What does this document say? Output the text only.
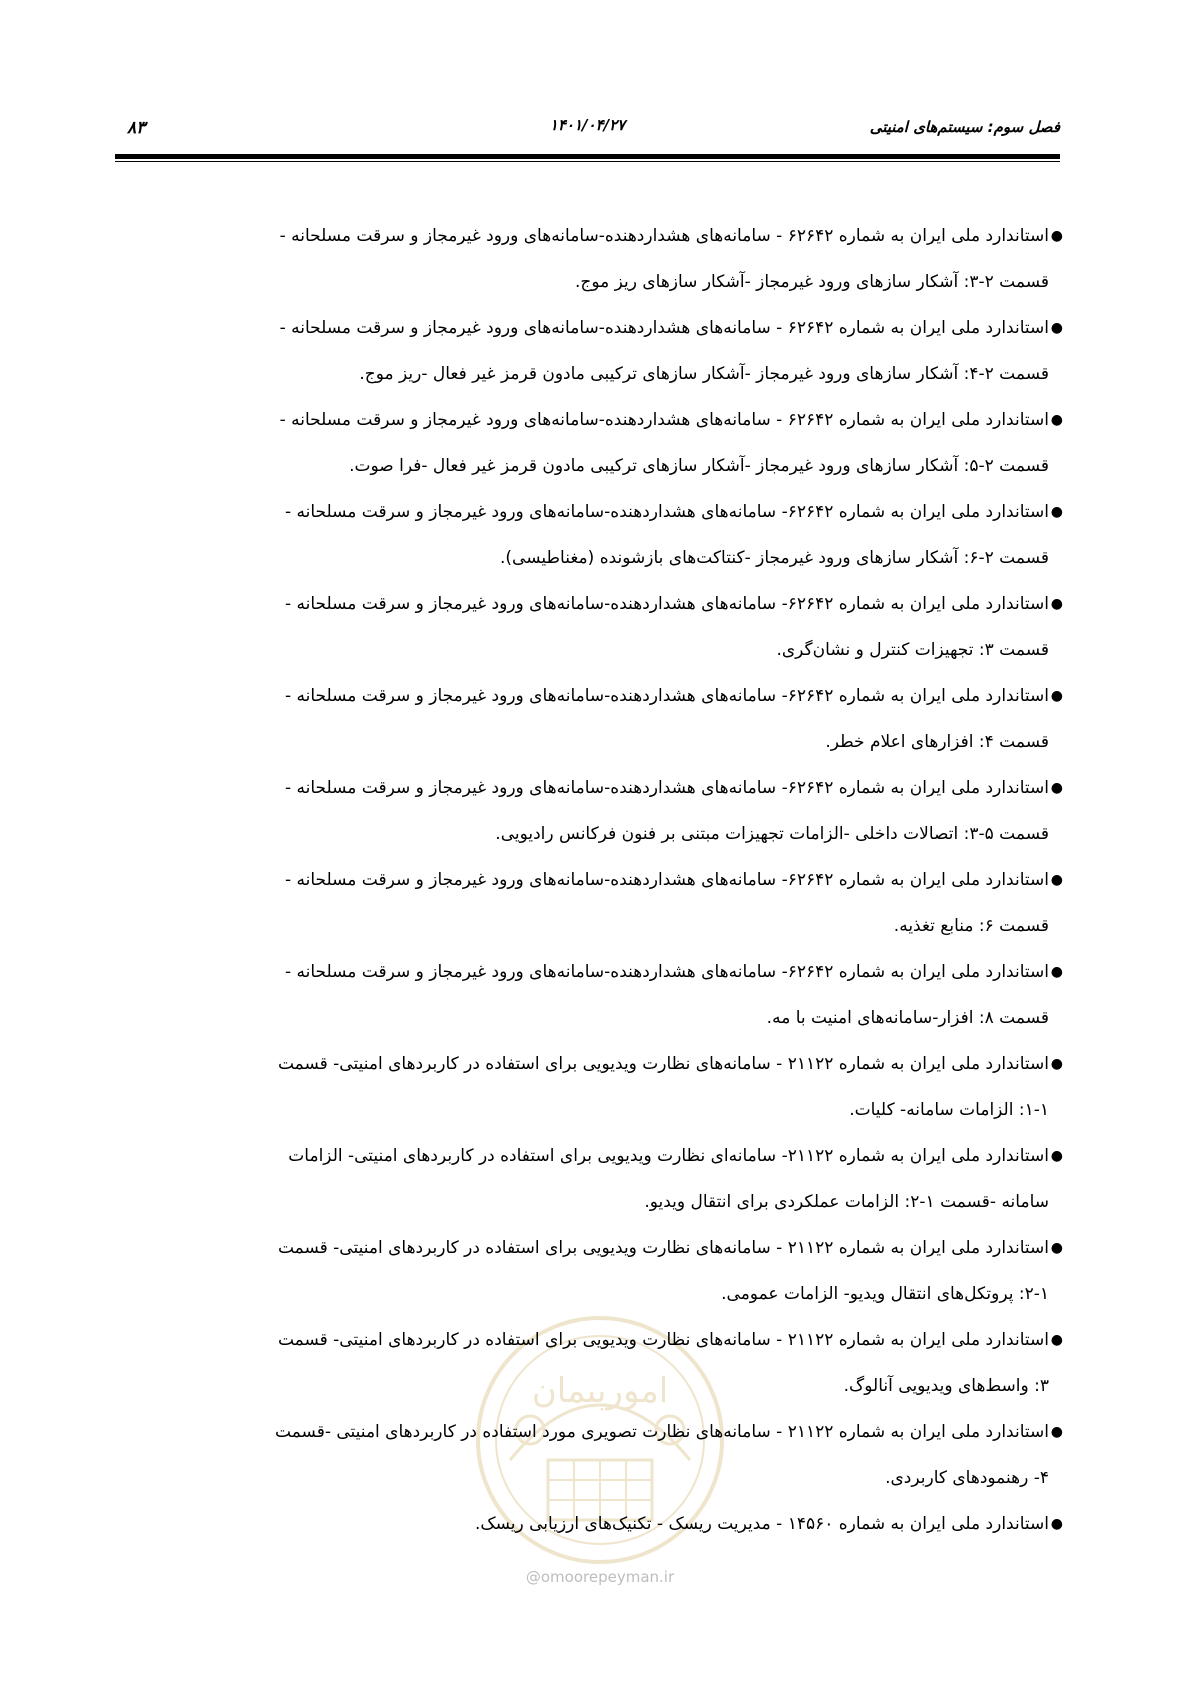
فصل سوم: سیستم‌های امنیتی
۱۴۰۱/۰۴/۲۷
۸۳
امورپیمان
@omoorepeyman.ir
●
استاندارد ملی ایران به شماره ۶۲۶۴۲ - سامانه‌های هشداردهنده-سامانه‌های ورود غیرمجاز و سرقت مسلحانه -
قسمت ۲-۳: آشکار سازهای ورود غیرمجاز -آشکار سازهای ریز موج.
●
استاندارد ملی ایران به شماره ۶۲۶۴۲ - سامانه‌های هشداردهنده-سامانه‌های ورود غیرمجاز و سرقت مسلحانه -
قسمت ۲-۴: آشکار سازهای ورود غیرمجاز -آشکار سازهای ترکیبی مادون قرمز غیر فعال -ریز موج.
●
استاندارد ملی ایران به شماره ۶۲۶۴۲ - سامانه‌های هشداردهنده-سامانه‌های ورود غیرمجاز و سرقت مسلحانه -
قسمت ۲-۵: آشکار سازهای ورود غیرمجاز -آشکار سازهای ترکیبی مادون قرمز غیر فعال -فرا صوت.
●
استاندارد ملی ایران به شماره ۶۲۶۴۲- سامانه‌های هشداردهنده-سامانه‌های ورود غیرمجاز و سرقت مسلحانه -
قسمت ۲-۶: آشکار سازهای ورود غیرمجاز -کنتاکت‌های بازشونده (مغناطیسی).
●
استاندارد ملی ایران به شماره ۶۲۶۴۲- سامانه‌های هشداردهنده-سامانه‌های ورود غیرمجاز و سرقت مسلحانه -
قسمت ۳: تجهیزات کنترل و نشان‌گری.
●
استاندارد ملی ایران به شماره ۶۲۶۴۲- سامانه‌های هشداردهنده-سامانه‌های ورود غیرمجاز و سرقت مسلحانه -
قسمت ۴: افزارهای اعلام خطر.
●
استاندارد ملی ایران به شماره ۶۲۶۴۲- سامانه‌های هشداردهنده-سامانه‌های ورود غیرمجاز و سرقت مسلحانه -
قسمت ۵-۳: اتصالات داخلی -الزامات تجهیزات مبتنی بر فنون فرکانس رادیویی.
●
استاندارد ملی ایران به شماره ۶۲۶۴۲- سامانه‌های هشداردهنده-سامانه‌های ورود غیرمجاز و سرقت مسلحانه -
قسمت ۶: منابع تغذیه.
●
استاندارد ملی ایران به شماره ۶۲۶۴۲- سامانه‌های هشداردهنده-سامانه‌های ورود غیرمجاز و سرقت مسلحانه -
قسمت ۸: افزار-سامانه‌های امنیت با مه.
●
استاندارد ملی ایران به شماره ۲۱۱۲۲ - سامانه‌های نظارت ویدیویی برای استفاده در کاربردهای امنیتی- قسمت
۱-۱: الزامات سامانه- کلیات.
●
استاندارد ملی ایران به شماره ۲۱۱۲۲- سامانه‌ای نظارت ویدیویی برای استفاده در کاربردهای امنیتی- الزامات
سامانه -قسمت ۱-۲: الزامات عملکردی برای انتقال ویدیو.
●
استاندارد ملی ایران به شماره ۲۱۱۲۲ - سامانه‌های نظارت ویدیویی برای استفاده در کاربردهای امنیتی- قسمت
۲-۱: پروتکل‌های انتقال ویدیو- الزامات عمومی.
●
استاندارد ملی ایران به شماره ۲۱۱۲۲ - سامانه‌های نظارت ویدیویی برای استفاده در کاربردهای امنیتی- قسمت
۳: واسط‌های ویدیویی آنالوگ.
●
استاندارد ملی ایران به شماره ۲۱۱۲۲ - سامانه‌های نظارت تصویری مورد استفاده در کاربردهای امنیتی -قسمت
۴- رهنمودهای کاربردی.
●
استاندارد ملی ایران به شماره ۱۴۵۶۰ - مدیریت ریسک - تکنیک‌های ارزیابی ریسک.
